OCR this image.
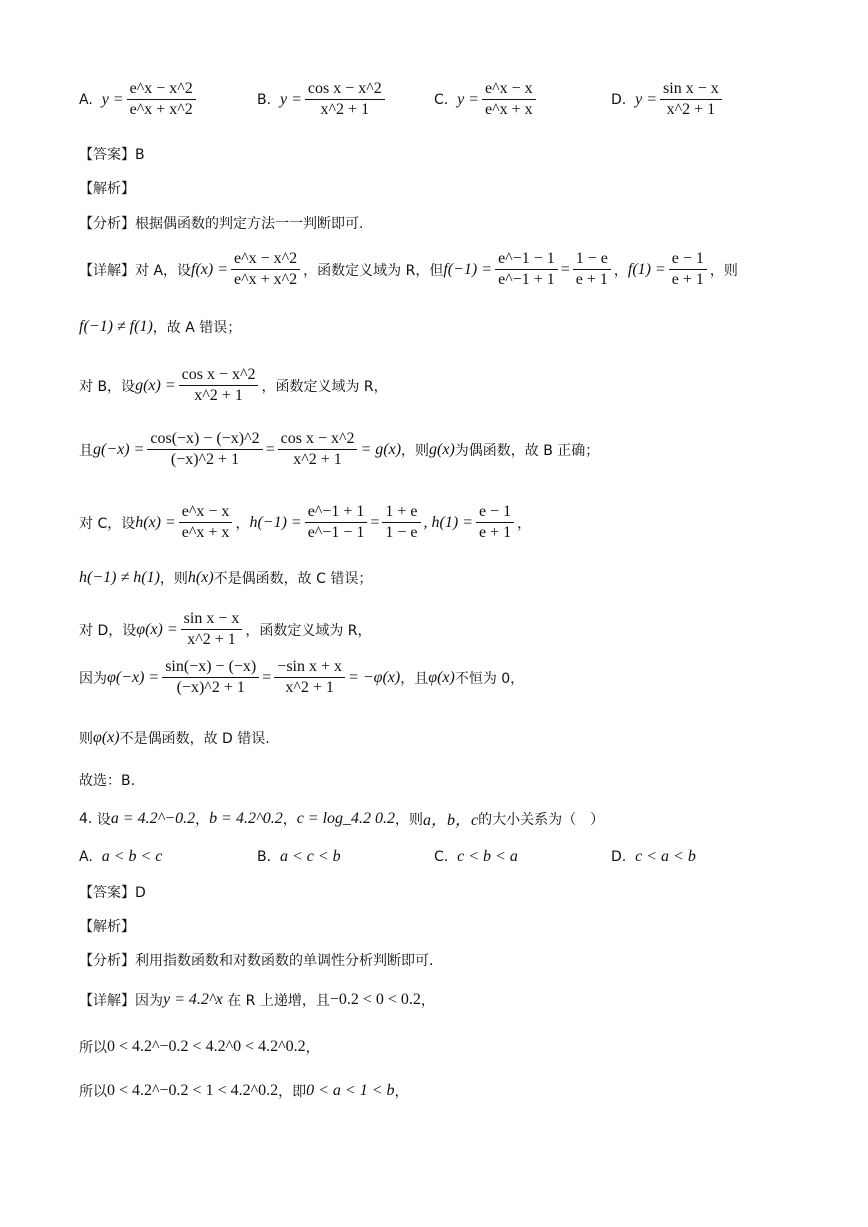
A.
$y = \frac{e\^{}x - x\^{}2}{e\^{}x + x\^{}2}$	B.
$y = \frac{\text{cos x − x\textasciicircum{}2}}{x\^{}2 + 1}$	C.
$y = \frac{e\^{}x - x}{e\^{}x + x}$	D.
$y = \frac{\text{sin x − x}}{x\^{}2 + 1}$
【答案】B
【解析】
【分析】根据偶函数的判定方法一一判断即可.
【详解】对 A，设 $f(x) = \frac{e\^{}x - x\^{}2}{e\^{}x + x\^{}2}$ ，函数定义域为 R，但 $f(-1) = \frac{e\^{}-1 - 1}{e\^{}-1 + 1} = \frac{1 - e}{e + 1}$ ， $f(1) = \frac{e - 1}{e + 1}$ ，则
f(−1) ≠ f(1) ，故 A 错误；
对 B，设 $g(x) = \frac{\text{cos x − x\textasciicircum{}2}}{x\^{}2 + 1}$ ，函数定义域为 R，
且 $g(-x) = \frac{\cos(-x) - (-x)\^{}2}{(-x)\^{}2 + 1} = \frac{\text{cos x − x\textasciicircum{}2}}{x\^{}2 + 1} = g(x)$ ，则 g(x) 为偶函数，故 B 正确；
对 C，设 $h(x) = \frac{e\^{}x - x}{e\^{}x + x}$ ， $h(-1) = \frac{e\^{}-1 + 1}{e\^{}-1 - 1} = \frac{1 + e}{1 - e}$ , $h(1) = \frac{e - 1}{e + 1}$ ，
h(−1) ≠ h(1) ，则 h(x) 不是偶函数，故 C 错误；
对 D，设 $\varphi(x) = \frac{\text{sin x − x}}{x\^{}2 + 1}$ ，函数定义域为 R，
因为 $\varphi(-x) = \frac{\sin(-x) - (-x)}{(-x)\^{}2 + 1} = \frac{\text{−sin x + x}}{x\^{}2 + 1} = -\varphi(x)$ ，且 φ(x) 不恒为 0，
则 φ(x) 不是偶函数，故 D 错误.
故选：B.
4.
设 a = 4.2^−0.2 ， b = 4.2^0.2 ， c = log_4.2 0.2 ，则 a，b，c 的大小关系为（　）
A.
a < b < c	B.
a < c < b	C.
c < b < a	D.
c < a < b
【答案】D
【解析】
【分析】利用指数函数和对数函数的单调性分析判断即可.
【详解】因为 y = 4.2^x
在 R 上递增，且 −0.2 < 0 < 0.2 ，
所以 0 < 4.2^−0.2 < 4.2^0 < 4.2^0.2 ，
所以 0 < 4.2^−0.2 < 1 < 4.2^0.2 ，即 0 < a < 1 < b ，
